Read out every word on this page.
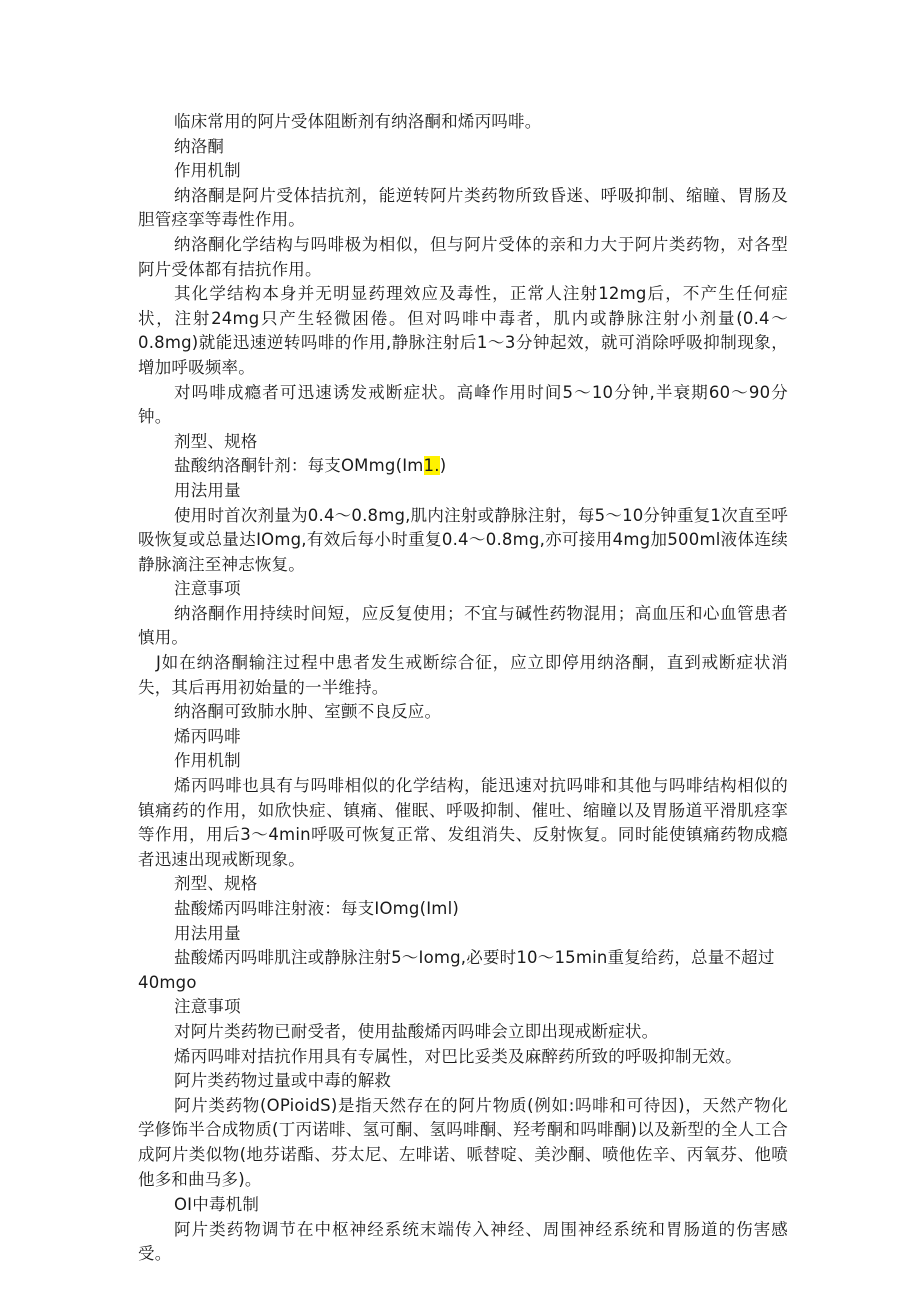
临床常用的阿片受体阻断剂有纳洛酮和烯丙吗啡。

纳洛酮

作用机制

纳洛酮是阿片受体拮抗剂，能逆转阿片类药物所致昏迷、呼吸抑制、缩瞳、胃肠及胆管痉挛等毒性作用。

纳洛酮化学结构与吗啡极为相似，但与阿片受体的亲和力大于阿片类药物，对各型阿片受体都有拮抗作用。

其化学结构本身并无明显药理效应及毒性，正常人注射12mg后，不产生任何症状，注射24mg只产生轻微困倦。但对吗啡中毒者，肌内或静脉注射小剂量(0.4～0.8mg)就能迅速逆转吗啡的作用,静脉注射后1～3分钟起效，就可消除呼吸抑制现象，增加呼吸频率。

对吗啡成瘾者可迅速诱发戒断症状。高峰作用时间5～10分钟,半衰期60～90分钟。

剂型、规格

盐酸纳洛酮针剂：每支OMmg(Im1.)

用法用量

使用时首次剂量为0.4～0.8mg,肌内注射或静脉注射，每5～10分钟重复1次直至呼吸恢复或总量达IOmg,有效后每小时重复0.4～0.8mg,亦可接用4mg加500ml液体连续静脉滴注至神志恢复。

注意事项

纳洛酮作用持续时间短，应反复使用；不宜与碱性药物混用；高血压和心血管患者慎用。

J如在纳洛酮输注过程中患者发生戒断综合征，应立即停用纳洛酮，直到戒断症状消失，其后再用初始量的一半维持。

纳洛酮可致肺水肿、室颤不良反应。

烯丙吗啡

作用机制

烯丙吗啡也具有与吗啡相似的化学结构，能迅速对抗吗啡和其他与吗啡结构相似的镇痛药的作用，如欣快症、镇痛、催眠、呼吸抑制、催吐、缩瞳以及胃肠道平滑肌痉挛等作用，用后3～4min呼吸可恢复正常、发组消失、反射恢复。同时能使镇痛药物成瘾者迅速出现戒断现象。

剂型、规格

盐酸烯丙吗啡注射液：每支IOmg(Iml)

用法用量

盐酸烯丙吗啡肌注或静脉注射5～Iomg,必要时10～15min重复给药，总量不超过

40mgo

注意事项

对阿片类药物已耐受者，使用盐酸烯丙吗啡会立即出现戒断症状。

烯丙吗啡对拮抗作用具有专属性，对巴比妥类及麻醉药所致的呼吸抑制无效。

阿片类药物过量或中毒的解救

阿片类药物(OPioidS)是指天然存在的阿片物质(例如:吗啡和可待因)，天然产物化学修饰半合成物质(丁丙诺啡、氢可酮、氢吗啡酮、羟考酮和吗啡酮)以及新型的全人工合成阿片类似物(地芬诺酯、芬太尼、左啡诺、哌替啶、美沙酮、喷他佐辛、丙氧芬、他喷他多和曲马多)。

OI中毒机制

阿片类药物调节在中枢神经系统末端传入神经、周围神经系统和胃肠道的伤害感受。
